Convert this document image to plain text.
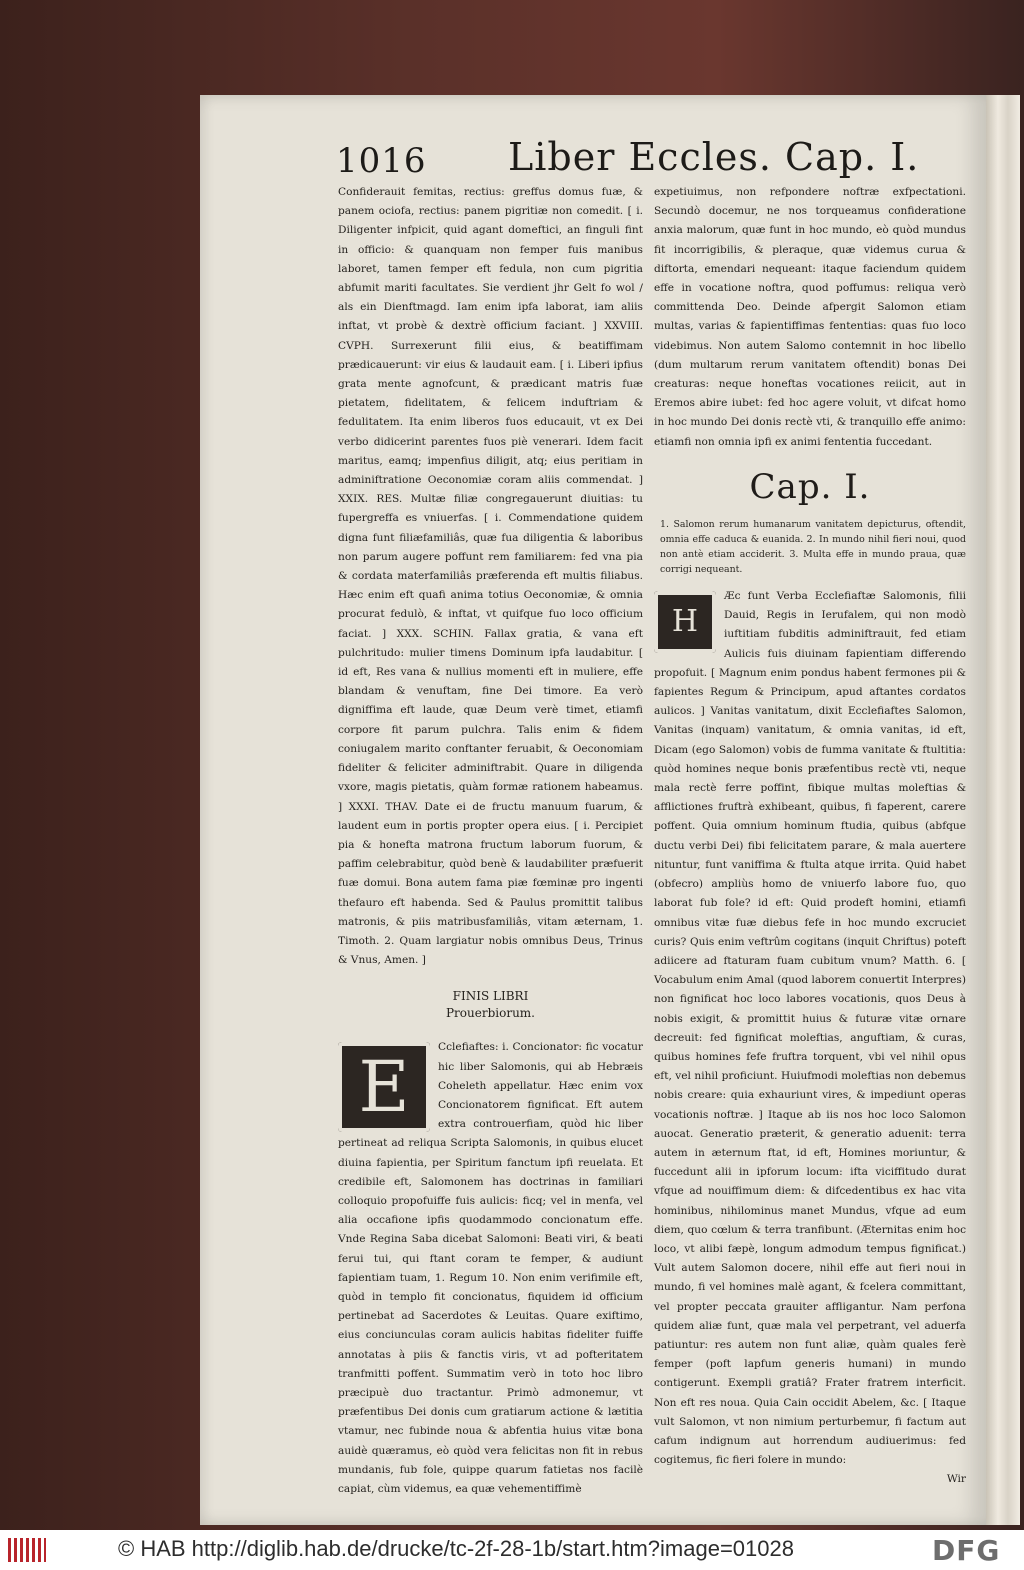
1016 Liber Eccles. Cap. I.

Confiderauit femitas, rectius: greffus domus fuæ, & panem ociofa, rectius: panem pigritiæ non comedit. [ i. Diligenter infpicit, quid agant domeftici, an finguli fint in officio: & quanquam non femper fuis manibus laboret, tamen femper eft fedula, non cum pigritia abfumit mariti facultates. Sie verdient jhr Gelt fo wol / als ein Dienftmagd. Iam enim ipfa laborat, iam aliis inftat, vt probè & dextrè officium faciant. ] XXVIII. CVPH. Surrexerunt filii eius, & beatiffimam prædicauerunt: vir eius & laudauit eam. [ i. Liberi ipfius grata mente agnofcunt, & prædicant matris fuæ pietatem, fidelitatem, & felicem induftriam & fedulitatem. Ita enim liberos fuos educauit, vt ex Dei verbo didicerint parentes fuos piè venerari. Idem facit maritus, eamq; impenfius diligit, atq; eius peritiam in adminiftratione Oeconomiæ coram aliis commendat. ] XXIX. RES. Multæ filiæ congregauerunt diuitias: tu fupergreffa es vniuerfas. [ i. Commendatione quidem digna funt filiæfamiliâs, quæ fua diligentia & laboribus non parum augere poffunt rem familiarem: fed vna pia & cordata materfamiliâs præferenda eft multis filiabus. Hæc enim eft quafi anima totius Oeconomiæ, & omnia procurat fedulò, & inftat, vt quifque fuo loco officium faciat. ] XXX. SCHIN. Fallax gratia, & vana eft pulchritudo: mulier timens Dominum ipfa laudabitur. [ id eft, Res vana & nullius momenti eft in muliere, effe blandam & venuftam, fine Dei timore. Ea verò digniffima eft laude, quæ Deum verè timet, etiamfi corpore fit parum pulchra. Talis enim & fidem coniugalem marito conftanter feruabit, & Oeconomiam fideliter & feliciter adminiftrabit. Quare in diligenda vxore, magis pietatis, quàm formæ rationem habeamus. ] XXXI. THAV. Date ei de fructu manuum fuarum, & laudent eum in portis propter opera eius. [ i. Percipiet pia & honefta matrona fructum laborum fuorum, & paffim celebrabitur, quòd benè & laudabiliter præfuerit fuæ domui. Bona autem fama piæ fœminæ pro ingenti thefauro eft habenda. Sed & Paulus promittit talibus matronis, & piis matribusfamiliâs, vitam æternam, 1. Timoth. 2. Quam largiatur nobis omnibus Deus, Trinus & Vnus, Amen. ]

FINIS LIBRI
Prouerbiorum.

E	Cclefiaftes: i. Concionator: fic vocatur hic liber Salomonis, qui ab Hebræis Coheleth appellatur. Hæc enim vox Concionatorem fignificat. Eft autem extra controuerfiam, quòd hic liber pertineat ad reliqua Scripta Salomonis, in quibus elucet diuina fapientia, per Spiritum fanctum ipfi reuelata. Et credibile eft, Salomonem has doctrinas in familiari colloquio propofuiffe fuis aulicis: ficq; vel in menfa, vel alia occafione ipfis quodammodo concionatum effe. Vnde Regina Saba dicebat Salomoni: Beati viri, & beati ferui tui, qui ftant coram te femper, & audiunt fapientiam tuam, 1. Regum 10. Non enim verifimile eft, quòd in templo fit concionatus, fiquidem id officium pertinebat ad Sacerdotes & Leuitas. Quare exiftimo, eius conciunculas coram aulicis habitas fideliter fuiffe annotatas à piis & fanctis viris, vt ad pofteritatem tranfmitti poffent. Summatim verò in toto hoc libro præcipuè duo tractantur. Primò admonemur, vt præfentibus Dei donis cum gratiarum actione & lætitia vtamur, nec fubinde noua & abfentia huius vitæ bona auidè quæramus, eò quòd vera felicitas non fit in rebus mundanis, fub fole, quippe quarum fatietas nos facilè capiat, cùm videmus, ea quæ vehementiffimè

expetiuimus, non refpondere noftræ exfpectationi. Secundò docemur, ne nos torqueamus confideratione anxia malorum, quæ funt in hoc mundo, eò quòd mundus fit incorrigibilis, & pleraque, quæ videmus curua & diftorta, emendari nequeant: itaque faciendum quidem effe in vocatione noftra, quod poffumus: reliqua verò committenda Deo. Deinde afpergit Salomon etiam multas, varias & fapientiffimas fententias: quas fuo loco videbimus. Non autem Salomo contemnit in hoc libello (dum multarum rerum vanitatem oftendit) bonas Dei creaturas: neque honeftas vocationes reiicit, aut in Eremos abire iubet: fed hoc agere voluit, vt difcat homo in hoc mundo Dei donis rectè vti, & tranquillo effe animo: etiamfi non omnia ipfi ex animi fententia fuccedant.

Cap. I.
1. Salomon rerum humanarum vanitatem depicturus, oftendit, omnia effe caduca & euanida. 2. In mundo nihil fieri noui, quod non antè etiam acciderit. 3. Multa effe in mundo praua, quæ corrigi nequeant.

H
Æc funt Verba Ecclefiaftæ Salomonis, filii Dauid, Regis in Ierufalem, qui non modò iuftitiam fubditis adminiftrauit, fed etiam Aulicis fuis diuinam fapientiam differendo propofuit. [ Magnum enim pondus habent fermones pii & fapientes Regum & Principum, apud aftantes cordatos aulicos. ] Vanitas vanitatum, dixit Ecclefiaftes Salomon, Vanitas (inquam) vanitatum, & omnia vanitas, id eft, Dicam (ego Salomon) vobis de fumma vanitate & ftultitia: quòd homines neque bonis præfentibus rectè vti, neque mala rectè ferre poffint, fibique multas moleftias & afflictiones fruftrà exhibeant, quibus, fi faperent, carere poffent. Quia omnium hominum ftudia, quibus (abfque ductu verbi Dei) fibi felicitatem parare, & mala auertere nituntur, funt vaniffima & ftulta atque irrita. Quid habet (obfecro) ampliùs homo de vniuerfo labore fuo, quo laborat fub fole? id eft: Quid prodeft homini, etiamfi omnibus vitæ fuæ diebus fefe in hoc mundo excruciet curis? Quis enim veftrûm cogitans (inquit Chriftus) poteft adiicere ad ftaturam fuam cubitum vnum? Matth. 6. [ Vocabulum enim Amal (quod laborem conuertit Interpres) non fignificat hoc loco labores vocationis, quos Deus à nobis exigit, & promittit huius & futuræ vitæ ornare decreuit: fed fignificat moleftias, anguftiam, & curas, quibus homines fefe fruftra torquent, vbi vel nihil opus eft, vel nihil proficiunt. Huiufmodi moleftias non debemus nobis creare: quia exhauriunt vires, & impediunt operas vocationis noftræ. ] Itaque ab iis nos hoc loco Salomon auocat. Generatio præterit, & generatio aduenit: terra autem in æternum ftat, id eft, Homines moriuntur, & fuccedunt alii in ipforum locum: ifta viciffitudo durat vfque ad nouiffimum diem: & difcedentibus ex hac vita hominibus, nihilominus manet Mundus, vfque ad eum diem, quo cœlum & terra tranfibunt. (Æternitas enim hoc loco, vt alibi fæpè, longum admodum tempus fignificat.) Vult autem Salomon docere, nihil effe aut fieri noui in mundo, fi vel homines malè agant, & fcelera committant, vel propter peccata grauiter affligantur. Nam perfona quidem aliæ funt, quæ mala vel perpetrant, vel aduerfa patiuntur: res autem non funt aliæ, quàm quales ferè femper (poft lapfum generis humani) in mundo contigerunt. Exempli gratiâ? Frater fratrem interficit. Non eft res noua. Quia Cain occidit Abelem, &c. [ Itaque vult Salomon, vt non nimium perturbemur, fi factum aut cafum indignum aut horrendum audiuerimus: fed cogitemus, fic fieri folere in mundo:

Wir
© HAB http://diglib.hab.de/drucke/tc-2f-28-1b/start.htm?image=01028	DFG
